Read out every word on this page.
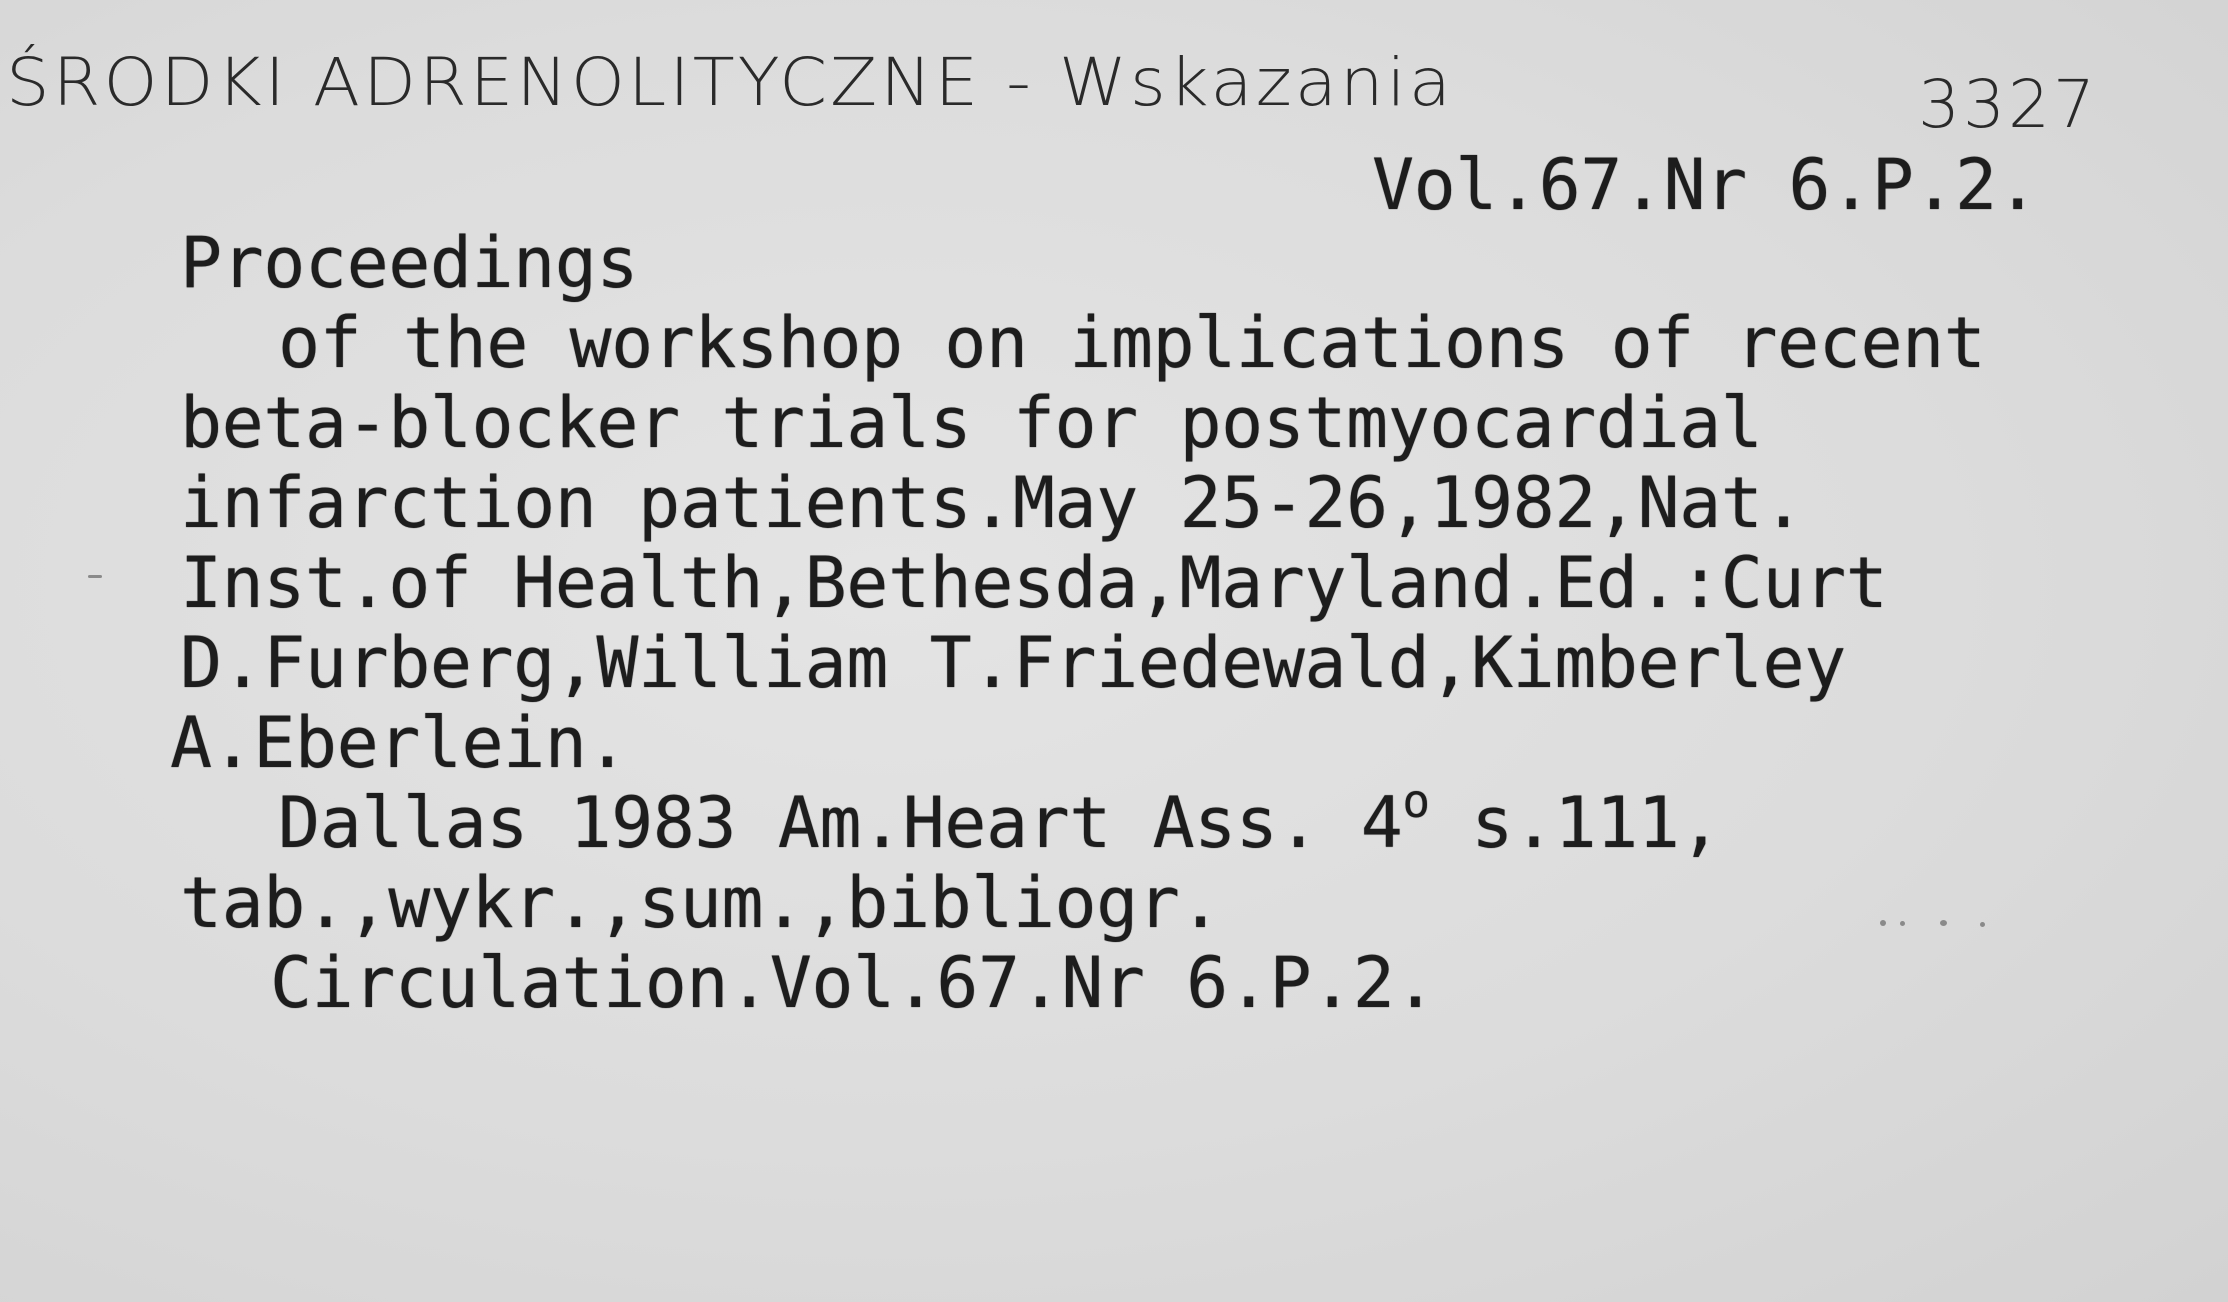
ŚRODKI ADRENOLITYCZNE - Wskazania	3327
Vol.67.Nr 6.P.2.
Proceedings
of the workshop on implications of recent
beta-blocker trials for postmyocardial
infarction patients.May 25-26,1982,Nat.
Inst.of Health,Bethesda,Maryland.Ed.:Curt
D.Furberg,William T.Friedewald,Kimberley
A.Eberlein.
Dallas 1983 Am.Heart Ass. 4$^o$ s.111,
tab.,wykr.,sum.,bibliogr.
Circulation.Vol.67.Nr 6.P.2.
